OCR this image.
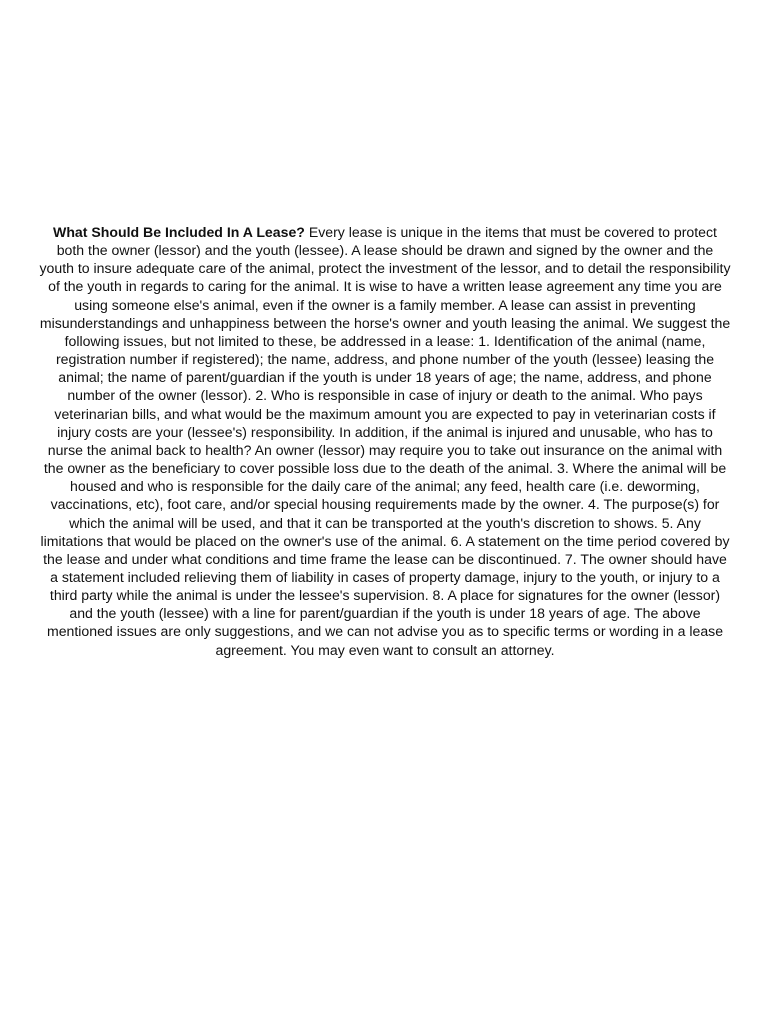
What Should Be Included In A Lease? Every lease is unique in the items that must be covered to protect both the owner (lessor) and the youth (lessee). A lease should be drawn and signed by the owner and the youth to insure adequate care of the animal, protect the investment of the lessor, and to detail the responsibility of the youth in regards to caring for the animal. It is wise to have a written lease agreement any time you are using someone else's animal, even if the owner is a family member. A lease can assist in preventing misunderstandings and unhappiness between the horse's owner and youth leasing the animal. We suggest the following issues, but not limited to these, be addressed in a lease: 1. Identification of the animal (name, registration number if registered); the name, address, and phone number of the youth (lessee) leasing the animal; the name of parent/guardian if the youth is under 18 years of age; the name, address, and phone number of the owner (lessor). 2. Who is responsible in case of injury or death to the animal. Who pays veterinarian bills, and what would be the maximum amount you are expected to pay in veterinarian costs if injury costs are your (lessee's) responsibility. In addition, if the animal is injured and unusable, who has to nurse the animal back to health? An owner (lessor) may require you to take out insurance on the animal with the owner as the beneficiary to cover possible loss due to the death of the animal. 3. Where the animal will be housed and who is responsible for the daily care of the animal; any feed, health care (i.e. deworming, vaccinations, etc), foot care, and/or special housing requirements made by the owner. 4. The purpose(s) for which the animal will be used, and that it can be transported at the youth's discretion to shows. 5. Any limitations that would be placed on the owner's use of the animal. 6. A statement on the time period covered by the lease and under what conditions and time frame the lease can be discontinued. 7. The owner should have a statement included relieving them of liability in cases of property damage, injury to the youth, or injury to a third party while the animal is under the lessee's supervision. 8. A place for signatures for the owner (lessor) and the youth (lessee) with a line for parent/guardian if the youth is under 18 years of age. The above mentioned issues are only suggestions, and we can not advise you as to specific terms or wording in a lease agreement. You may even want to consult an attorney.
